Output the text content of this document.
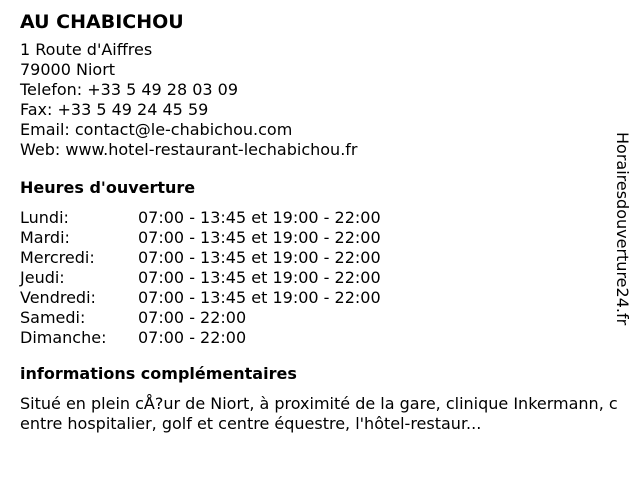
AU CHABICHOU
1 Route d'Aiffres
79000 Niort
Telefon: +33 5 49 28 03 09
Fax: +33 5 49 24 45 59
Email: contact@le-chabichou.com
Web: www.hotel-restaurant-lechabichou.fr
Heures d'ouverture
Lundi:	07:00 - 13:45 et 19:00 - 22:00
Mardi:	07:00 - 13:45 et 19:00 - 22:00
Mercredi:	07:00 - 13:45 et 19:00 - 22:00
Jeudi:	07:00 - 13:45 et 19:00 - 22:00
Vendredi:	07:00 - 13:45 et 19:00 - 22:00
Samedi:	07:00 - 22:00
Dimanche:	07:00 - 22:00
informations complémentaires
Situé en plein cÅ?ur de Niort, à proximité de la gare, clinique Inkermann, centre hospitalier, golf et centre équestre, l'hôtel-restaur...
Horairesdouverture24.fr
